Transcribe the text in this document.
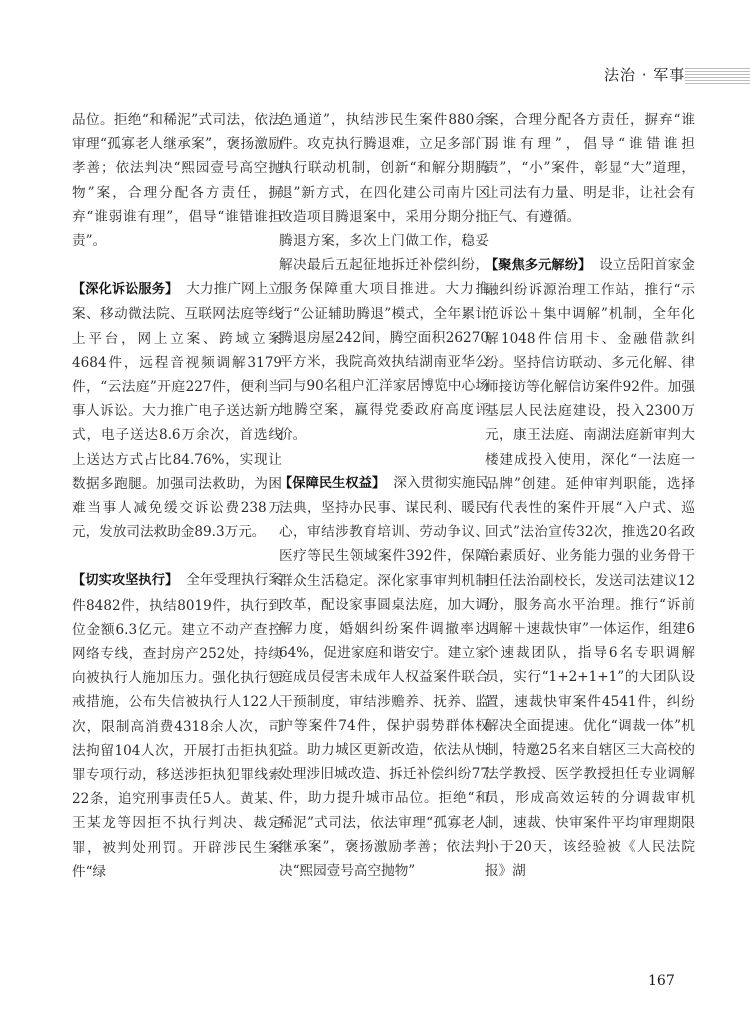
法治 · 军事

品位。拒绝“和稀泥”式司法，依法审理“孤寡老人继承案”，褒扬激励孝善；依法判决“熙园壹号高空抛物”案，合理分配各方责任，摒弃“谁弱谁有理”，倡导“谁错谁担责”。

【深化诉讼服务】 大力推广网上立案、移动微法院、互联网法庭等线上平台，网上立案、跨域立案4684件，远程音视频调解3179件，“云法庭”开庭227件，便利当事人诉讼。大力推广电子送达新方式，电子送达8.6万余次，首选线上送达方式占比84.76%，实现让数据多跑腿。加强司法救助，为困难当事人减免缓交诉讼费238万元，发放司法救助金89.3万元。

【切实攻坚执行】 全年受理执行案件8482件，执结8019件，执行到位金额6.3亿元。建立不动产查控网络专线，查封房产252处，持续向被执行人施加压力。强化执行惩戒措施，公布失信被执行人122人次，限制高消费4318余人次，司法拘留104人次，开展打击拒执犯罪专项行动，移送涉拒执犯罪线索22条，追究刑事责任5人。黄某、王某龙等因拒不执行判决、裁定罪，被判处刑罚。开辟涉民生案件“绿

色通道”，执结涉民生案件880余件。攻克执行腾退难，立足多部门执行联动机制，创新“和解分期腾退”新方式，在四化建公司南片区改造项目腾退案中，采用分期分批腾退方案，多次上门做工作，稳妥解决最后五起征地拆迁补偿纠纷，服务保障重大项目推进。大力推行“公证辅助腾退”模式，全年累计腾退房屋242间，腾空面积26270平方米，我院高效执结湖南亚华公司与90名租户汇洋家居博览中心场地腾空案，赢得党委政府高度评价。

【保障民生权益】 深入贯彻实施民法典，坚持办民事、谋民利、暖民心，审结涉教育培训、劳动争议、医疗等民生领域案件392件，保障群众生活稳定。深化家事审判机制改革，配设家事圆桌法庭，加大调解力度，婚姻纠纷案件调撤率达64%，促进家庭和谐安宁。建立家庭成员侵害未成年人权益案件联合干预制度，审结涉赡养、抚养、监护等案件74件，保护弱势群体权益。助力城区更新改造，依法从快处理涉旧城改造、拆迁补偿纠纷77件，助力提升城市品位。拒绝“和稀泥”式司法，依法审理“孤寡老人继承案”，褒扬激励孝善；依法判决“熙园壹号高空抛物”

案，合理分配各方责任，摒弃“谁弱谁有理”，倡导“谁错谁担责”，“小”案件，彰显“大”道理，让司法有力量、明是非，让社会有正气、有遵循。

【聚焦多元解纷】 设立岳阳首家金融纠纷诉源治理工作站，推行“示范诉讼＋集中调解”机制，全年化解1048件信用卡、金融借款纠纷。坚持信访联动、多元化解、律师接访等化解信访案件92件。加强基层人民法庭建设，投入2300万元，康王法庭、南湖法庭新审判大楼建成投入使用，深化“一法庭一品牌”创建。延伸审判职能，选择有代表性的案件开展“入户式、巡回式”法治宣传32次，推选20名政治素质好、业务能力强的业务骨干担任法治副校长，发送司法建议12份，服务高水平治理。推行“诉前调解＋速裁快审”一体运作，组建6个速裁团队，指导6名专职调解员，实行“1+2+1+1”的大团队设置，速裁快审案件4541件，纠纷解决全面提速。优化“调裁一体”机制，特邀25名来自辖区三大高校的法学教授、医学教授担任专业调解员，形成高效运转的分调裁审机制，速裁、快审案件平均审理期限小于20天，该经验被《人民法院报》湖

167
